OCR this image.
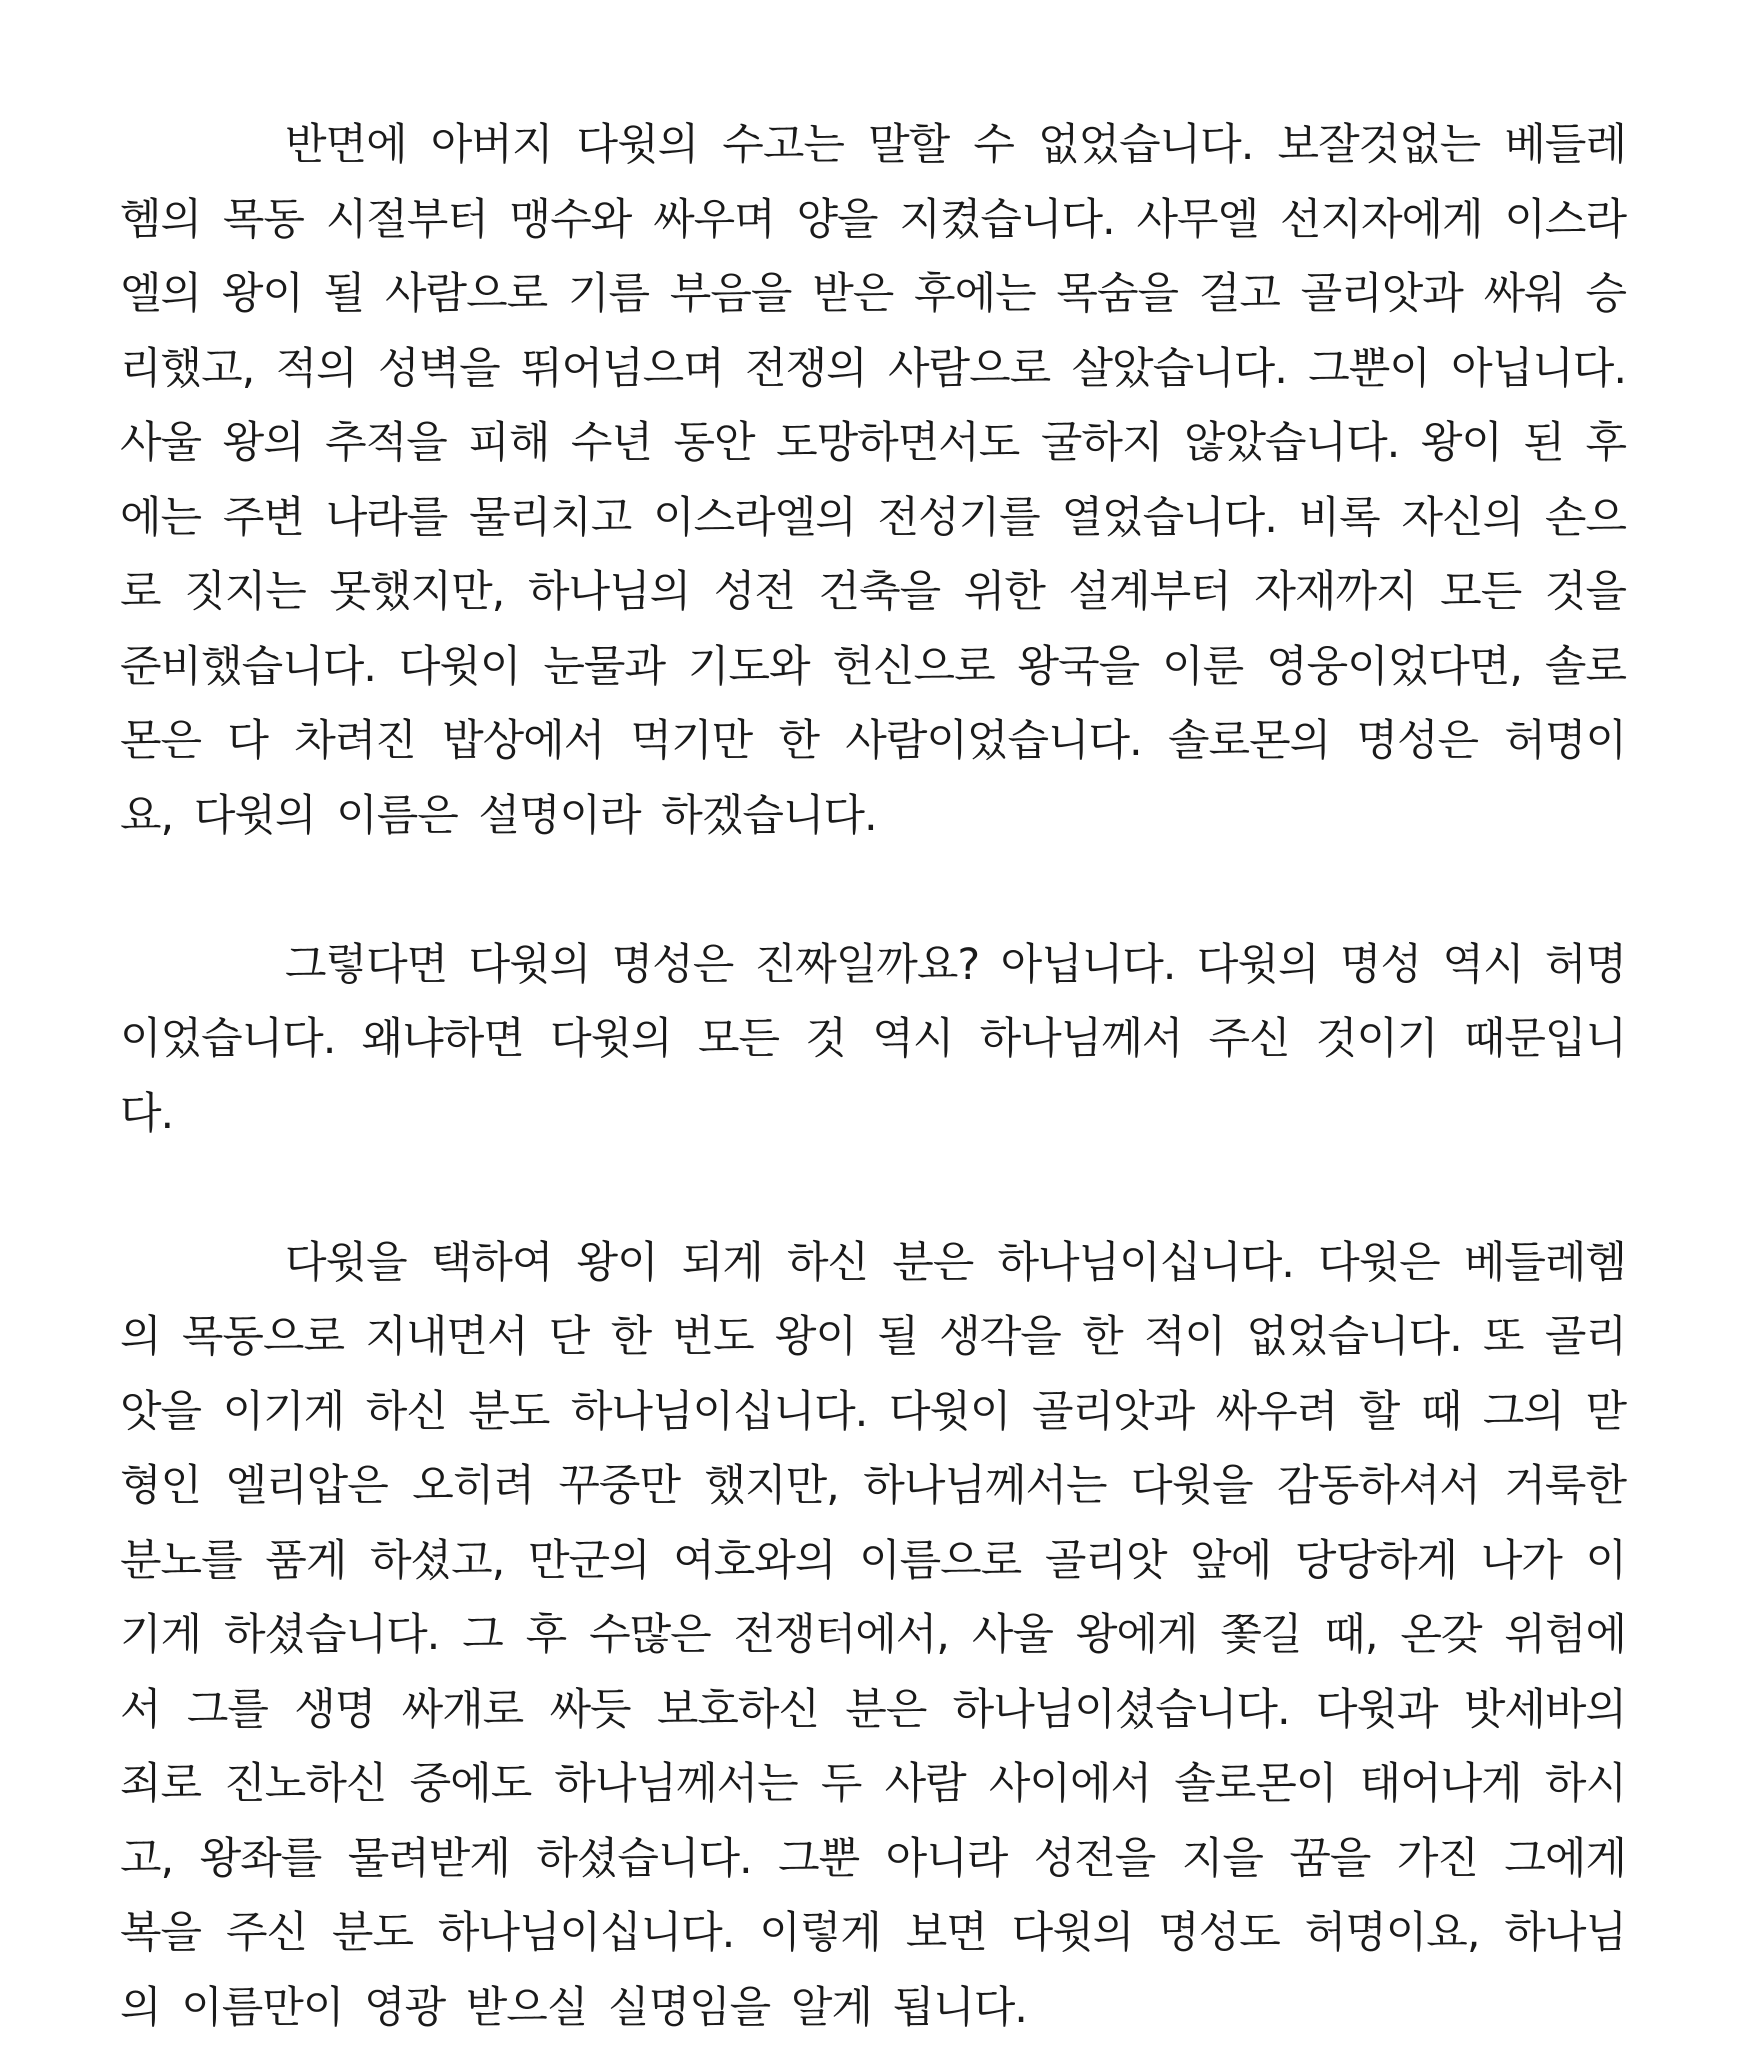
반면에 아버지 다윗의 수고는 말할 수 없었습니다. 보잘것없는 베들레헴의 목동 시절부터 맹수와 싸우며 양을 지켰습니다. 사무엘 선지자에게 이스라엘의 왕이 될 사람으로 기름 부음을 받은 후에는 목숨을 걸고 골리앗과 싸워 승리했고, 적의 성벽을 뛰어넘으며 전쟁의 사람으로 살았습니다. 그뿐이 아닙니다. 사울 왕의 추적을 피해 수년 동안 도망하면서도 굴하지 않았습니다. 왕이 된 후에는 주변 나라를 물리치고 이스라엘의 전성기를 열었습니다. 비록 자신의 손으로 짓지는 못했지만, 하나님의 성전 건축을 위한 설계부터 자재까지 모든 것을 준비했습니다. 다윗이 눈물과 기도와 헌신으로 왕국을 이룬 영웅이었다면, 솔로몬은 다 차려진 밥상에서 먹기만 한 사람이었습니다. 솔로몬의 명성은 허명이요, 다윗의 이름은 설명이라 하겠습니다.

그렇다면 다윗의 명성은 진짜일까요? 아닙니다. 다윗의 명성 역시 허명이었습니다. 왜냐하면 다윗의 모든 것 역시 하나님께서 주신 것이기 때문입니다.

다윗을 택하여 왕이 되게 하신 분은 하나님이십니다. 다윗은 베들레헴의 목동으로 지내면서 단 한 번도 왕이 될 생각을 한 적이 없었습니다. 또 골리앗을 이기게 하신 분도 하나님이십니다. 다윗이 골리앗과 싸우려 할 때 그의 맏형인 엘리압은 오히려 꾸중만 했지만, 하나님께서는 다윗을 감동하셔서 거룩한 분노를 품게 하셨고, 만군의 여호와의 이름으로 골리앗 앞에 당당하게 나가 이기게 하셨습니다. 그 후 수많은 전쟁터에서, 사울 왕에게 쫓길 때, 온갖 위험에서 그를 생명 싸개로 싸듯 보호하신 분은 하나님이셨습니다. 다윗과 밧세바의 죄로 진노하신 중에도 하나님께서는 두 사람 사이에서 솔로몬이 태어나게 하시고, 왕좌를 물려받게 하셨습니다. 그뿐 아니라 성전을 지을 꿈을 가진 그에게 복을 주신 분도 하나님이십니다. 이렇게 보면 다윗의 명성도 허명이요, 하나님의 이름만이 영광 받으실 실명임을 알게 됩니다.
